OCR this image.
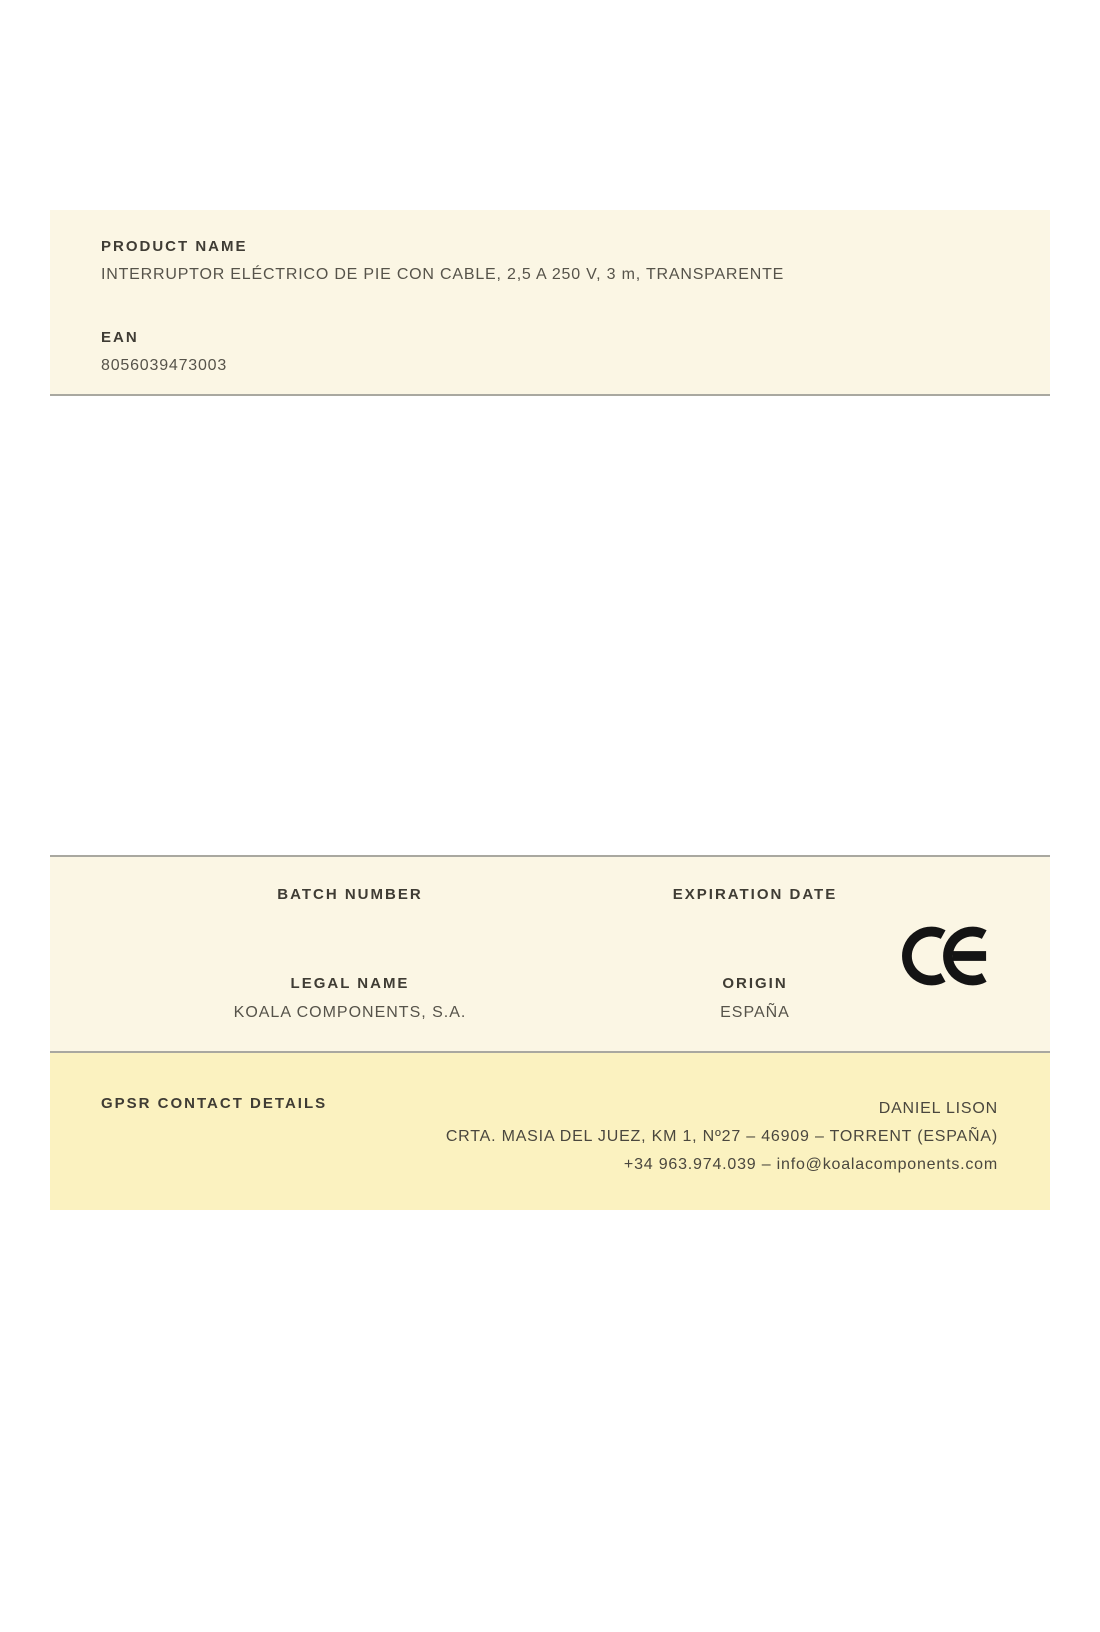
PRODUCT NAME
INTERRUPTOR ELÉCTRICO DE PIE CON CABLE, 2,5 A 250 V, 3 m, TRANSPARENTE
EAN
8056039473003
BATCH NUMBER
LEGAL NAME
KOALA COMPONENTS, S.A.
EXPIRATION DATE
ORIGIN
ESPAÑA
GPSR CONTACT DETAILS	DANIEL LISON
CRTA. MASIA DEL JUEZ, KM 1, Nº27 – 46909 – TORRENT (ESPAÑA)
+34 963.974.039 – info@koalacomponents.com
